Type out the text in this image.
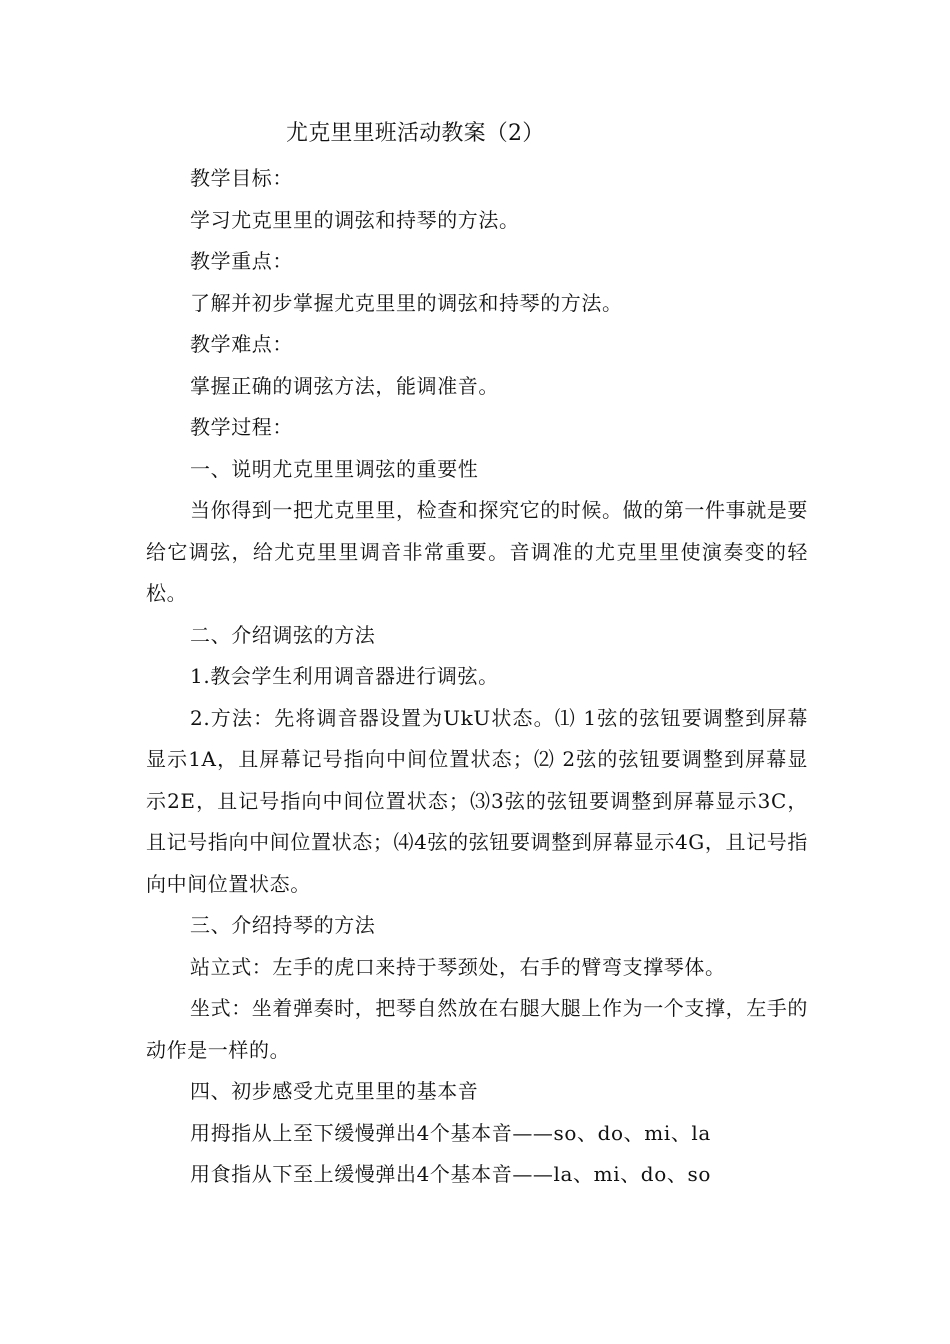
尤克里里班活动教案（2）

教学目标：

学习尤克里里的调弦和持琴的方法。

教学重点：

了解并初步掌握尤克里里的调弦和持琴的方法。

教学难点：

掌握正确的调弦方法，能调准音。

教学过程：

一、说明尤克里里调弦的重要性

当你得到一把尤克里里，检查和探究它的时候。做的第一件事就是要给它调弦，给尤克里里调音非常重要。音调准的尤克里里使演奏变的轻松。

二、介绍调弦的方法

1.教会学生利用调音器进行调弦。

2.方法：先将调音器设置为UkU状态。⑴ 1弦的弦钮要调整到屏幕显示1A，且屏幕记号指向中间位置状态；⑵ 2弦的弦钮要调整到屏幕显示2E，且记号指向中间位置状态；⑶3弦的弦钮要调整到屏幕显示3C，且记号指向中间位置状态；⑷4弦的弦钮要调整到屏幕显示4G，且记号指向中间位置状态。

三、介绍持琴的方法

站立式：左手的虎口来持于琴颈处，右手的臂弯支撑琴体。

坐式：坐着弹奏时，把琴自然放在右腿大腿上作为一个支撑，左手的动作是一样的。

四、初步感受尤克里里的基本音

用拇指从上至下缓慢弹出4个基本音——so、do、mi、la

用食指从下至上缓慢弹出4个基本音——la、mi、do、so
